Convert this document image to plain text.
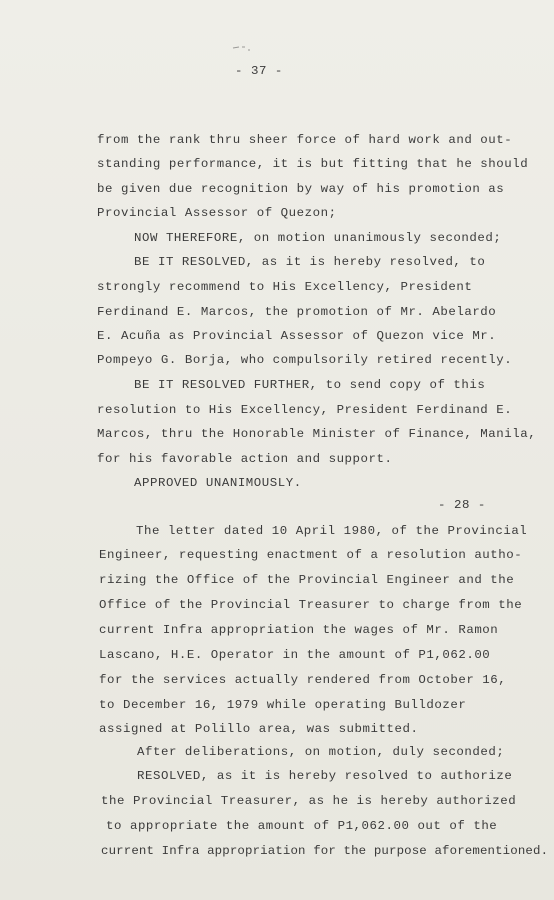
- 37 -
from the rank thru sheer force of hard work and out-
standing performance, it is but fitting that he should
be given due recognition by way of his promotion as
Provincial Assessor of Quezon;
NOW THEREFORE, on motion unanimously seconded;
BE IT RESOLVED, as it is hereby resolved, to
strongly recommend to His Excellency, President
Ferdinand E. Marcos, the promotion of Mr. Abelardo
E. Acuña as Provincial Assessor of Quezon vice Mr.
Pompeyo G. Borja, who compulsorily retired recently.
BE IT RESOLVED FURTHER, to send copy of this
resolution to His Excellency, President Ferdinand E.
Marcos, thru the Honorable Minister of Finance, Manila,
for his favorable action and support.
APPROVED UNANIMOUSLY.
- 28 -
The letter dated 10 April 1980, of the Provincial
Engineer, requesting enactment of a resolution autho-
rizing the Office of the Provincial Engineer and the
Office of the Provincial Treasurer to charge from the
current Infra appropriation the wages of Mr. Ramon
Lascano, H.E. Operator in the amount of P1,062.00
for the services actually rendered from October 16,
to December 16, 1979 while operating Bulldozer
assigned at Polillo area, was submitted.
After deliberations, on motion, duly seconded;
RESOLVED, as it is hereby resolved to authorize
the Provincial Treasurer, as he is hereby authorized
to appropriate the amount of P1,062.00 out of the
current Infra appropriation for the purpose aforementioned.
